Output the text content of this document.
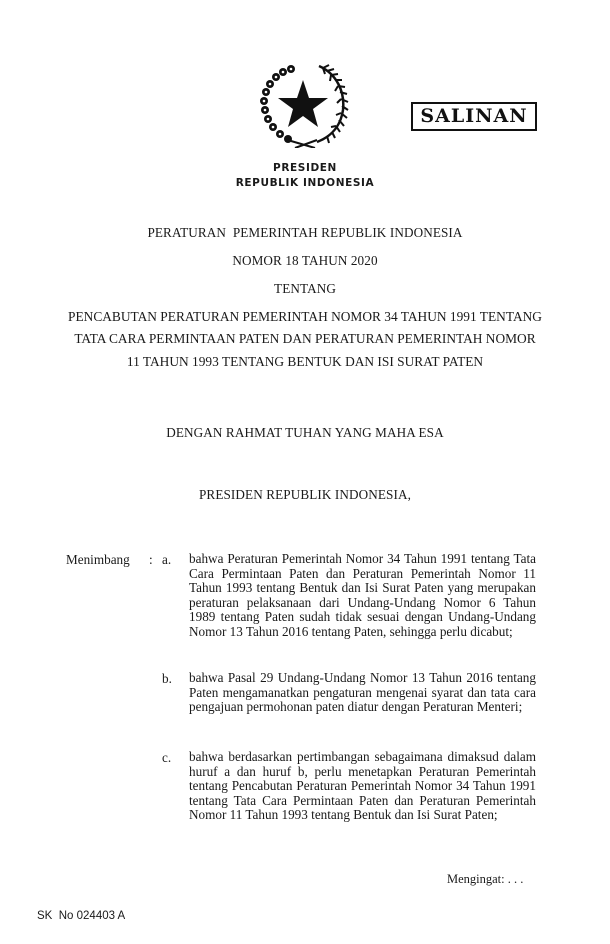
SALINAN
PRESIDEN
REPUBLIK INDONESIA
PERATURAN  PEMERINTAH REPUBLIK INDONESIA
NOMOR 18 TAHUN 2020
TENTANG
PENCABUTAN PERATURAN PEMERINTAH NOMOR 34 TAHUN 1991 TENTANG
TATA CARA PERMINTAAN PATEN DAN PERATURAN PEMERINTAH NOMOR
11 TAHUN 1993 TENTANG BENTUK DAN ISI SURAT PATEN
DENGAN RAHMAT TUHAN YANG MAHA ESA
PRESIDEN REPUBLIK INDONESIA,
Menimbang : a. bahwa Peraturan Pemerintah Nomor 34 Tahun 1991 tentang Tata Cara Permintaan Paten dan Peraturan Pemerintah Nomor 11 Tahun 1993 tentang Bentuk dan Isi Surat Paten yang merupakan peraturan pelaksanaan dari Undang-Undang Nomor 6 Tahun 1989 tentang Paten sudah tidak sesuai dengan Undang-Undang Nomor 13 Tahun 2016 tentang Paten, sehingga perlu dicabut;
b. bahwa Pasal 29 Undang-Undang Nomor 13 Tahun 2016 tentang Paten mengamanatkan pengaturan mengenai syarat dan tata cara pengajuan permohonan paten diatur dengan Peraturan Menteri;
c. bahwa berdasarkan pertimbangan sebagaimana dimaksud dalam huruf a dan huruf b, perlu menetapkan Peraturan Pemerintah tentang Pencabutan Peraturan Pemerintah Nomor 34 Tahun 1991 tentang Tata Cara Permintaan Paten dan Peraturan Pemerintah Nomor 11 Tahun 1993 tentang Bentuk dan Isi Surat Paten;
Mengingat: . . .
SK  No 024403 A
